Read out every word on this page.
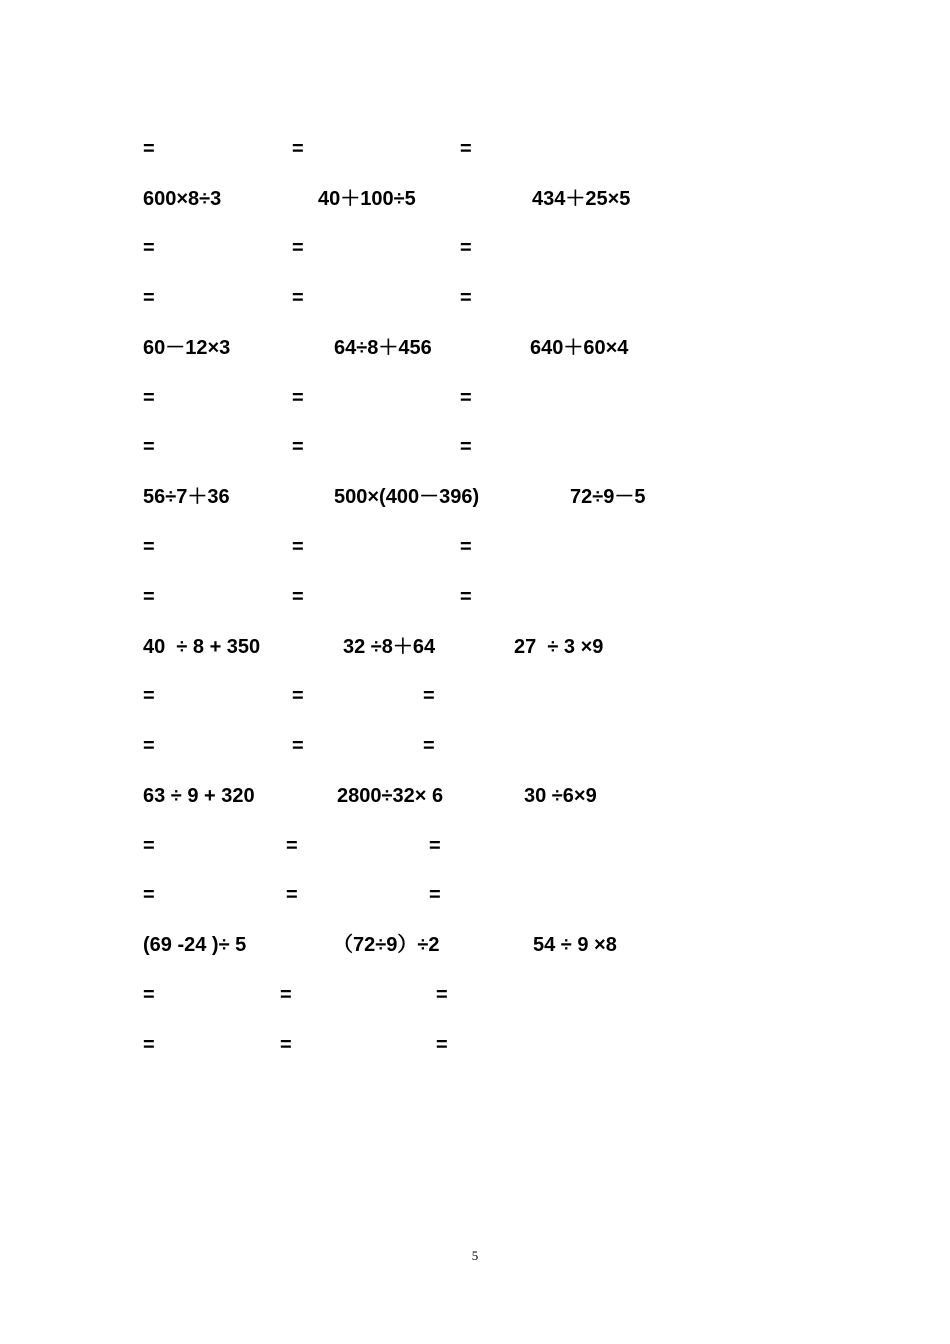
=	=	=
600×8÷3	40＋100÷5	434＋25×5
=	=	=
=	=	=
60－12×3	64÷8＋456	640＋60×4
=	=	=
=	=	=
56÷7＋36	500×(400－396)	72÷9－5
=	=	=
=	=	=
40  ÷ 8 + 350	32 ÷8＋64	27  ÷ 3 ×9
=	=	=
=	=	=
63 ÷ 9 + 320	2800÷32× 6	30 ÷6×9
=	=	=
=	=	=
(69 -24 )÷ 5	（72÷9）÷2	54 ÷ 9 ×8
=	=	=
=	=	=
5
